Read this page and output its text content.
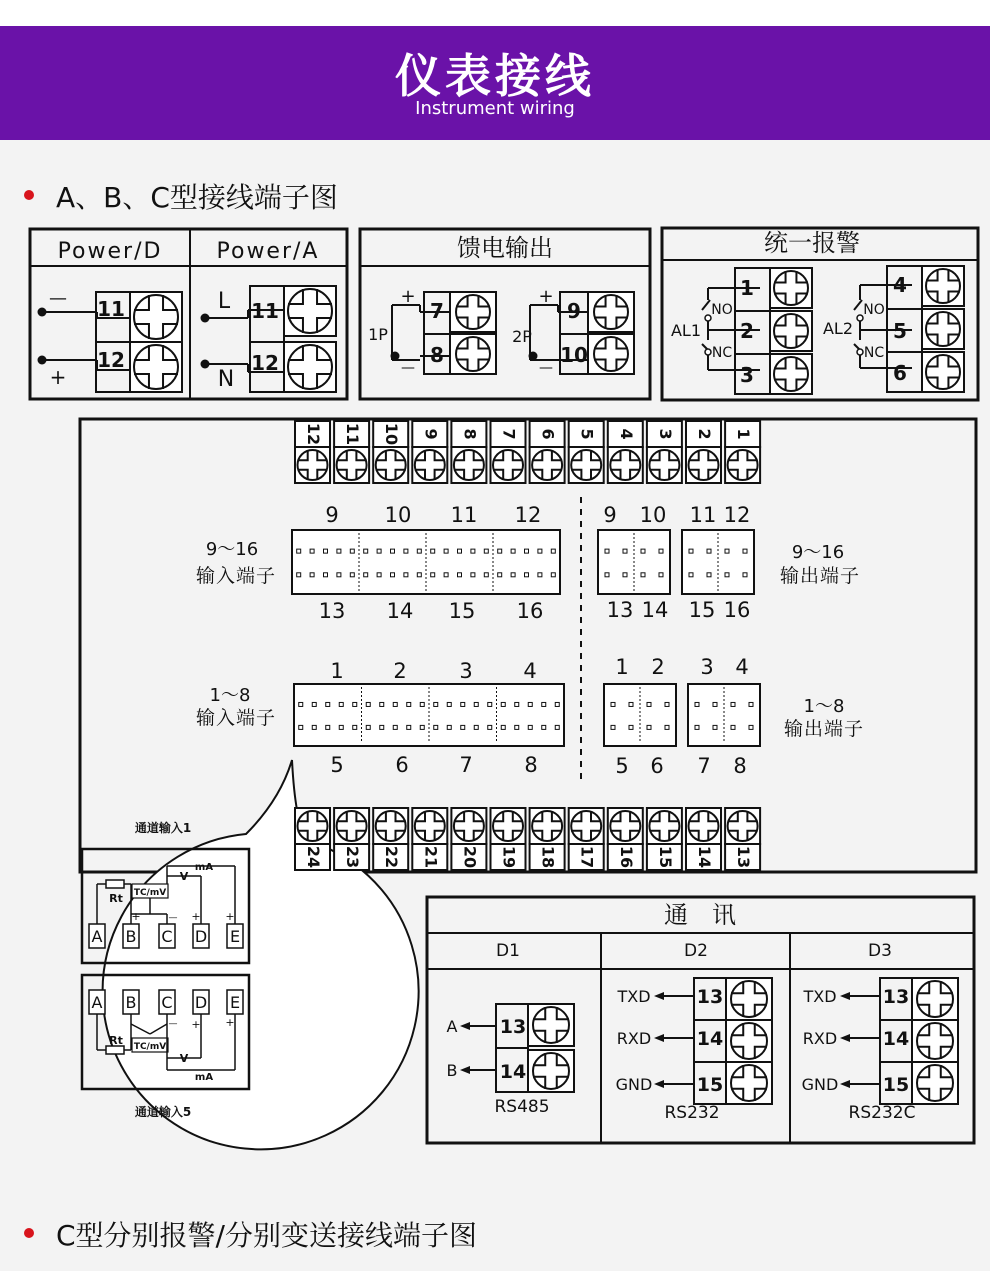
仪表接线
Instrument wiring
A、B、C型接线端子图
C型分别报警/分别变送接线端子图
12 11 10 9 8 7 6 5 4 3 2 1
24 23 22 21 20 19 18 17 16 15 14 13
9 10 11 12
13 14 15 16
1 2	3 4
5 6 7 8
9 10 11 12
13 14 15 16
1 2 3 4
5 6 7 8
A B C D E
Rt TC/mV
V
mA
+	— + +
A B C D E
Rt TC/mV
V
mA
— + +	A
B
13
14
TXD 13
RXD 14
GND 15
TXD 13
RXD 14
GND 15
Power/D Power/A
—
+
L
N
11
12
11
12
馈电输出
1P	2P
+	+
—	—
7
8
9
10
统一报警
AL1	AL2
NO
NC
NO
NC
1
2
3
4
5
6
9～16
输入端子
1～8
输入端子
9～16
输出端子
1～8
输出端子
通道输入1
通道输入5
通　讯
D1	D2	D3
RS485	RS232	RS232C
